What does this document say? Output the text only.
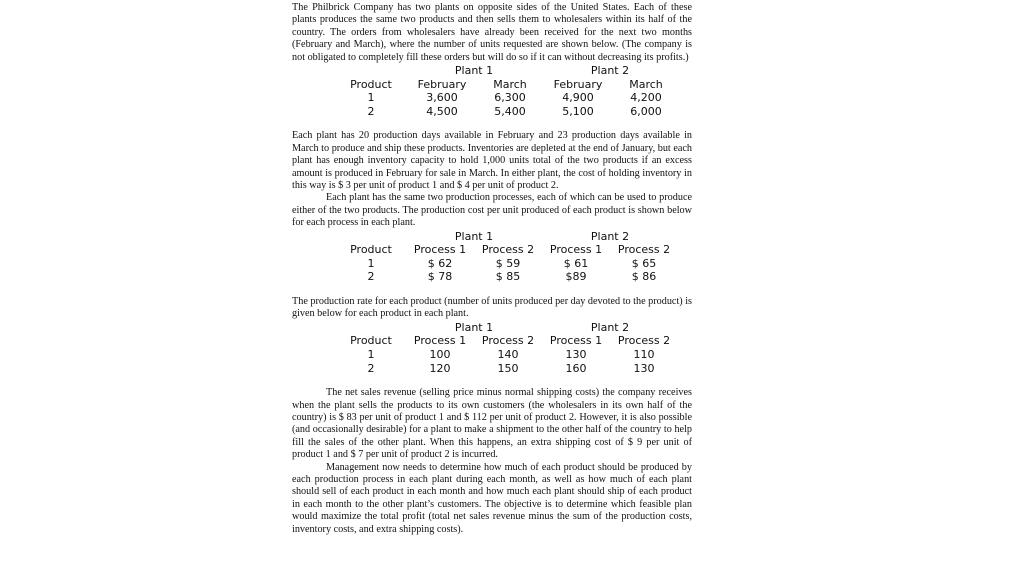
The Philbrick Company has two plants on opposite sides of the United States. Each of these plants produces the same two products and then sells them to wholesalers within its half of the country. The orders from wholesalers have already been received for the next two months (February and March), where the number of units requested are shown below. (The company is not obligated to completely fill these orders but will do so if it can without decreasing its profits.)

	Plant 1		Plant 2	
Product	February	March	February	March
1	3,600	6,300	4,900	4,200
2	4,500	5,400	5,100	6,000

Each plant has 20 production days available in February and 23 production days available in March to produce and ship these products. Inventories are depleted at the end of January, but each plant has enough inventory capacity to hold 1,000 units total of the two products if an excess amount is produced in February for sale in March. In either plant, the cost of holding inventory in this way is $ 3 per unit of product 1 and $ 4 per unit of product 2.

Each plant has the same two production processes, each of which can be used to produce either of the two products. The production cost per unit produced of each product is shown below for each process in each plant.

	Plant 1		Plant 2	
Product	Process 1	Process 2	Process 1	Process 2
1	$ 62	$ 59	$ 61	$ 65
2	$ 78	$ 85	$89	$ 86

The production rate for each product (number of units produced per day devoted to the product) is given below for each product in each plant.

	Plant 1		Plant 2	
Product	Process 1	Process 2	Process 1	Process 2
1	100	140	130	110
2	120	150	160	130

The net sales revenue (selling price minus normal shipping costs) the company receives when the plant sells the products to its own customers (the wholesalers in its own half of the country) is $ 83 per unit of product 1 and $ 112 per unit of product 2. However, it is also possible (and occasionally desirable) for a plant to make a shipment to the other half of the country to help fill the sales of the other plant. When this happens, an extra shipping cost of $ 9 per unit of product 1 and $ 7 per unit of product 2 is incurred.

Management now needs to determine how much of each product should be produced by each production process in each plant during each month, as well as how much of each plant should sell of each product in each month and how much each plant should ship of each product in each month to the other plant’s customers. The objective is to determine which feasible plan would maximize the total profit (total net sales revenue minus the sum of the production costs, inventory costs, and extra shipping costs).
